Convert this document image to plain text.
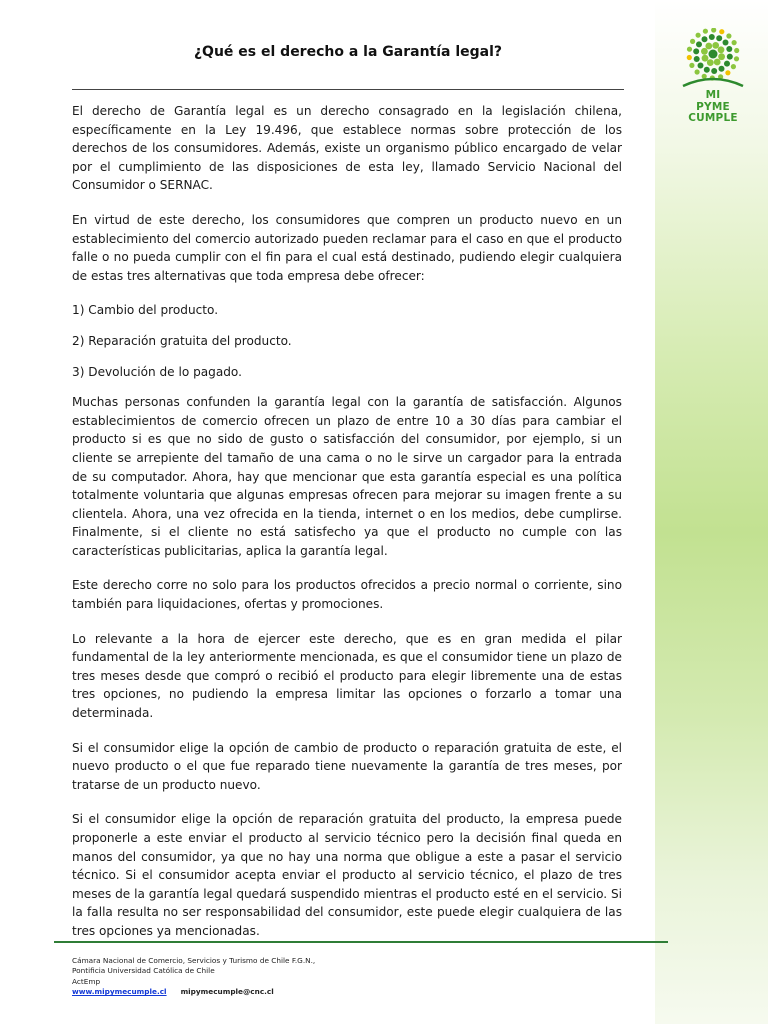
MI
PYME
CUMPLE
¿Qué es el derecho a la Garantía legal?

El derecho de Garantía legal es un derecho consagrado en la legislación chilena, específicamente en la Ley 19.496, que establece normas sobre protección de los derechos de los consumidores. Además, existe un organismo público encargado de velar por el cumplimiento de las disposiciones de esta ley, llamado Servicio Nacional del Consumidor o SERNAC.

En virtud de este derecho, los consumidores que compren un producto nuevo en un establecimiento del comercio autorizado pueden reclamar para el caso en que el producto falle o no pueda cumplir con el fin para el cual está destinado, pudiendo elegir cualquiera de estas tres alternativas que toda empresa debe ofrecer:

1) Cambio del producto.

2) Reparación gratuita del producto.

3) Devolución de lo pagado.

Muchas personas confunden la garantía legal con la garantía de satisfacción. Algunos establecimientos de comercio ofrecen un plazo de entre 10 a 30 días para cambiar el producto si es que no sido de gusto o satisfacción del consumidor, por ejemplo, si un cliente se arrepiente del tamaño de una cama o no le sirve un cargador para la entrada de su computador. Ahora, hay que mencionar que esta garantía especial es una política totalmente voluntaria que algunas empresas ofrecen para mejorar su imagen frente a su clientela. Ahora, una vez ofrecida en la tienda, internet o en los medios, debe cumplirse. Finalmente, si el cliente no está satisfecho ya que el producto no cumple con las características publicitarias, aplica la garantía legal.

Este derecho corre no solo para los productos ofrecidos a precio normal o corriente, sino también para liquidaciones, ofertas y promociones.

Lo relevante a la hora de ejercer este derecho, que es en gran medida el pilar fundamental de la ley anteriormente mencionada, es que el consumidor tiene un plazo de tres meses desde que compró o recibió el producto para elegir libremente una de estas tres opciones, no pudiendo la empresa limitar las opciones o forzarlo a tomar una determinada.

Si el consumidor elige la opción de cambio de producto o reparación gratuita de este, el nuevo producto o el que fue reparado tiene nuevamente la garantía de tres meses, por tratarse de un producto nuevo.

Si el consumidor elige la opción de reparación gratuita del producto, la empresa puede proponerle a este enviar el producto al servicio técnico pero la decisión final queda en manos del consumidor, ya que no hay una norma que obligue a este a pasar el servicio técnico. Si el consumidor acepta enviar el producto al servicio técnico, el plazo de tres meses de la garantía legal quedará suspendido mientras el producto esté en el servicio. Si la falla resulta no ser responsabilidad del consumidor, este puede elegir cualquiera de las tres opciones ya mencionadas.

Cámara Nacional de Comercio, Servicios y Turismo de Chile F.G.N.,
Pontificia Universidad Católica de Chile
ActEmp
www.mipymecumple.cl mipymecumple@cnc.cl
